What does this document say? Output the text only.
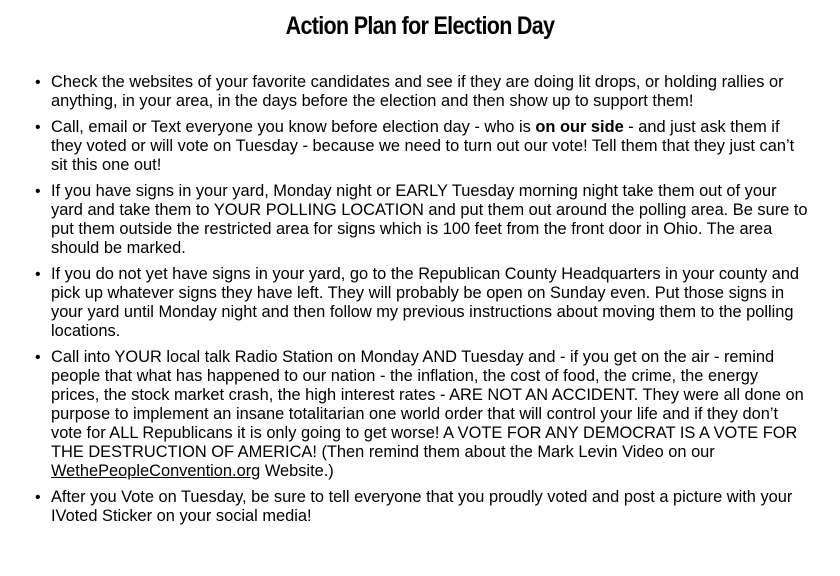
Action Plan for Election Day
• Check the websites of your favorite candidates and see if they are doing lit drops, or holding rallies or anything, in your area, in the days before the election and then show up to support them!
• Call, email or Text everyone you know before election day - who is on our side - and just ask them if they voted or will vote on Tuesday - because we need to turn out our vote! Tell them that they just can’t sit this one out!
• If you have signs in your yard, Monday night or EARLY Tuesday morning night take them out of your yard and take them to YOUR POLLING LOCATION and put them out around the polling area. Be sure to put them outside the restricted area for signs which is 100 feet from the front door in Ohio. The area should be marked.
• If you do not yet have signs in your yard, go to the Republican County Headquarters in your county and pick up whatever signs they have left. They will probably be open on Sunday even. Put those signs in your yard until Monday night and then follow my previous instructions about moving them to the polling locations.
• Call into YOUR local talk Radio Station on Monday AND Tuesday and - if you get on the air - remind people that what has happened to our nation - the inflation, the cost of food, the crime, the energy prices, the stock market crash, the high interest rates - ARE NOT AN ACCIDENT. They were all done on purpose to implement an insane totalitarian one world order that will control your life and if they don’t vote for ALL Republicans it is only going to get worse! A VOTE FOR ANY DEMOCRAT IS A VOTE FOR THE DESTRUCTION OF AMERICA! (Then remind them about the Mark Levin Video on our WethePeopleConvention.org Website.)
• After you Vote on Tuesday, be sure to tell everyone that you proudly voted and post a picture with your IVoted Sticker on your social media!
